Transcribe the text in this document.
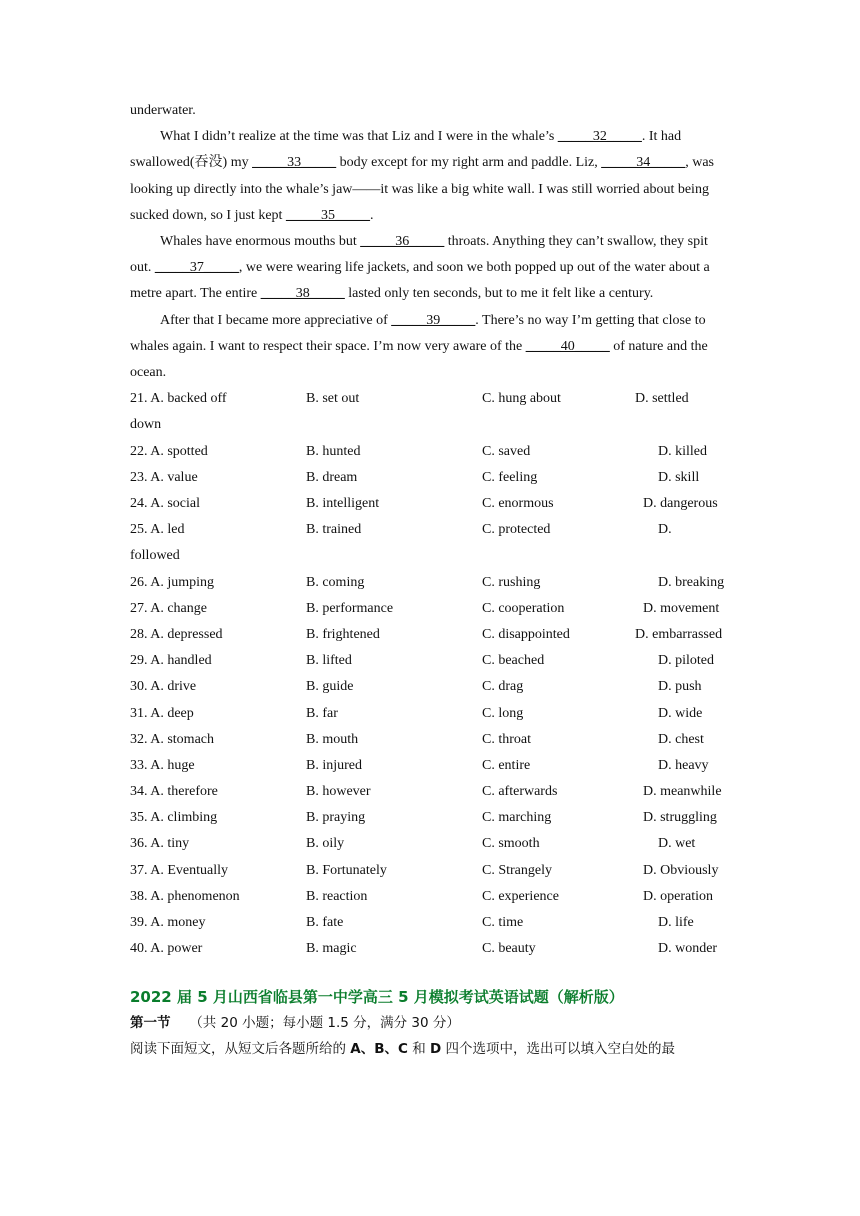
underwater.

What I didn’t realize at the time was that Liz and I were in the whale’s _____32_____. It had swallowed(吞没) my _____33_____ body except for my right arm and paddle. Liz, _____34_____, was looking up directly into the whale’s jaw——it was like a big white wall. I was still worried about being sucked down, so I just kept _____35_____.

Whales have enormous mouths but _____36_____ throats. Anything they can’t swallow, they spit out. _____37_____, we were wearing life jackets, and soon we both popped up out of the water about a metre apart. The entire _____38_____ lasted only ten seconds, but to me it felt like a century.

After that I became more appreciative of _____39_____. There’s no way I’m getting that close to whales again. I want to respect their space. I’m now very aware of the _____40_____ of nature and the ocean.

21. A. backed off	B. set out	C. hung about	D. settled
down
22. A. spotted	B. hunted	C. saved	D. killed
23. A. value	B. dream	C. feeling	D. skill
24. A. social	B. intelligent	C. enormous	D. dangerous
25. A. led	B. trained	C. protected	D.
followed
26. A. jumping	B. coming	C. rushing	D. breaking
27. A. change	B. performance	C. cooperation	D. movement
28. A. depressed	B. frightened	C. disappointed	D. embarrassed
29. A. handled	B. lifted	C. beached	D. piloted
30. A. drive	B. guide	C. drag	D. push
31. A. deep	B. far	C. long	D. wide
32. A. stomach	B. mouth	C. throat	D. chest
33. A. huge	B. injured	C. entire	D. heavy
34. A. therefore	B. however	C. afterwards	D. meanwhile
35. A. climbing	B. praying	C. marching	D. struggling
36. A. tiny	B. oily	C. smooth	D. wet
37. A. Eventually	B. Fortunately	C. Strangely	D. Obviously
38. A. phenomenon	B. reaction	C. experience	D. operation
39. A. money	B. fate	C. time	D. life
40. A. power	B. magic	C. beauty	D. wonder
2022 届 5 月山西省临县第一中学高三 5 月模拟考试英语试题（解析版）
第一节 （共 20 小题；每小题 1.5 分，满分 30 分）
阅读下面短文，从短文后各题所给的 A、B、C 和 D 四个选项中，选出可以填入空白处的最
